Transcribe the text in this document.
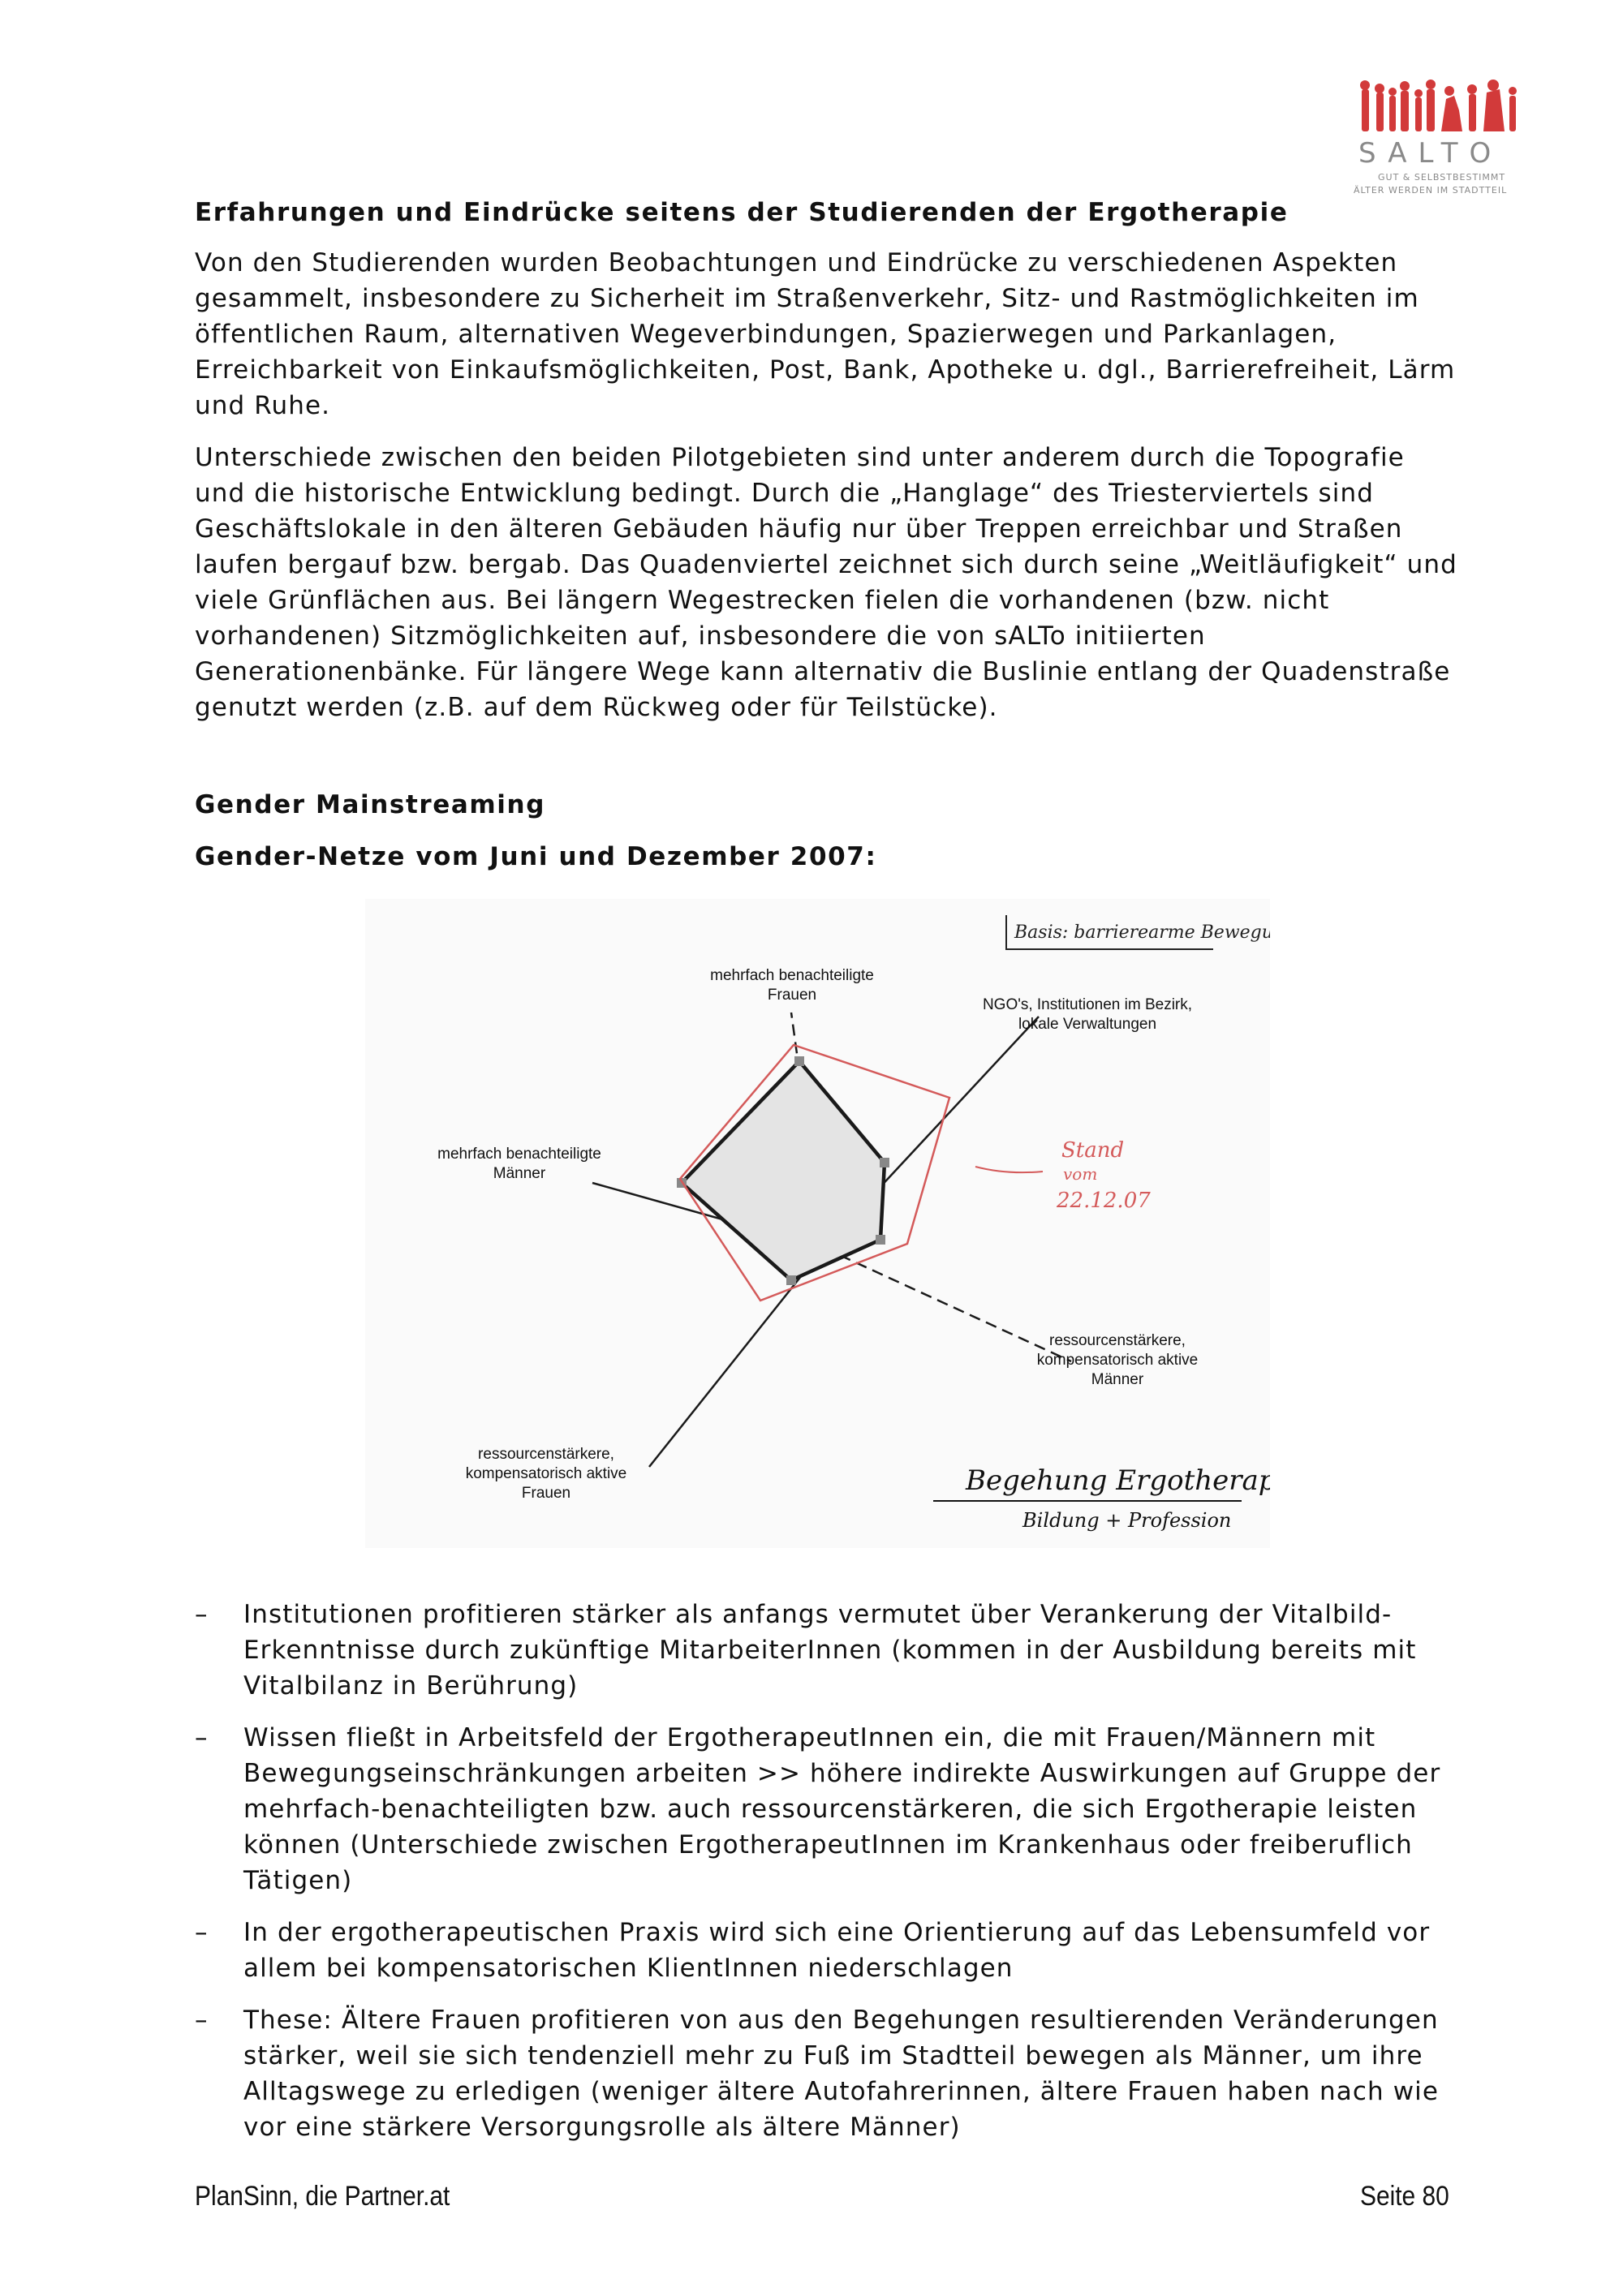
SALTO
GUT & SELBSTBESTIMMT
ÄLTER WERDEN IM STADTTEIL

Erfahrungen und Eindrücke seitens der Studierenden der Ergotherapie

Von den Studierenden wurden Beobachtungen und Eindrücke zu verschiedenen Aspekten gesammelt, insbesondere zu Sicherheit im Straßenverkehr, Sitz- und Rastmöglichkeiten im öffentlichen Raum, alternativen Wegeverbindungen, Spazierwegen und Parkanlagen, Erreichbarkeit von Einkaufsmöglichkeiten, Post, Bank, Apotheke u. dgl., Barrierefreiheit, Lärm und Ruhe.

Unterschiede zwischen den beiden Pilotgebieten sind unter anderem durch die Topografie und die historische Entwicklung bedingt. Durch die „Hanglage“ des Triesterviertels sind Geschäftslokale in den älteren Gebäuden häufig nur über Treppen erreichbar und Straßen laufen bergauf bzw. bergab. Das Quadenviertel zeichnet sich durch seine „Weitläufigkeit“ und viele Grünflächen aus. Bei längern Wegestrecken fielen die vorhandenen (bzw. nicht vorhandenen) Sitzmöglichkeiten auf, insbesondere die von sALTo initiierten Generationenbänke. Für längere Wege kann alternativ die Buslinie entlang der Quadenstraße genutzt werden (z.B. auf dem Rückweg oder für Teilstücke).

Gender Mainstreaming

Gender-Netze vom Juni und Dezember 2007:

Basis: barrierearme Bewegung
Stand
vom
22.12.07
mehrfach benachteiligte
Frauen
NGO's, Institutionen im Bezirk,
lokale Verwaltungen
mehrfach benachteiligte
Männer
ressourcenstärkere,
kompensatorisch aktive
Männer
ressourcenstärkere,
kompensatorisch aktive
Frauen	Begehung Ergotherapie
Bildung + Profession
– Institutionen profitieren stärker als anfangs vermutet über Verankerung der Vitalbild-Erkenntnisse durch zukünftige MitarbeiterInnen (kommen in der Ausbildung bereits mit Vitalbilanz in Berührung)
– Wissen fließt in Arbeitsfeld der ErgotherapeutInnen ein, die mit Frauen/Männern mit Bewegungseinschränkungen arbeiten >> höhere indirekte Auswirkungen auf Gruppe der mehrfach-benachteiligten bzw. auch ressourcenstärkeren, die sich Ergotherapie leisten können (Unterschiede zwischen ErgotherapeutInnen im Krankenhaus oder freiberuflich Tätigen)
– In der ergotherapeutischen Praxis wird sich eine Orientierung auf das Lebensumfeld vor allem bei kompensatorischen KlientInnen niederschlagen
– These: Ältere Frauen profitieren von aus den Begehungen resultierenden Veränderungen stärker, weil sie sich tendenziell mehr zu Fuß im Stadtteil bewegen als Männer, um ihre Alltagswege zu erledigen (weniger ältere Autofahrerinnen, ältere Frauen haben nach wie vor eine stärkere Versorgungsrolle als ältere Männer)
PlanSinn, die Partner.at	Seite 80
